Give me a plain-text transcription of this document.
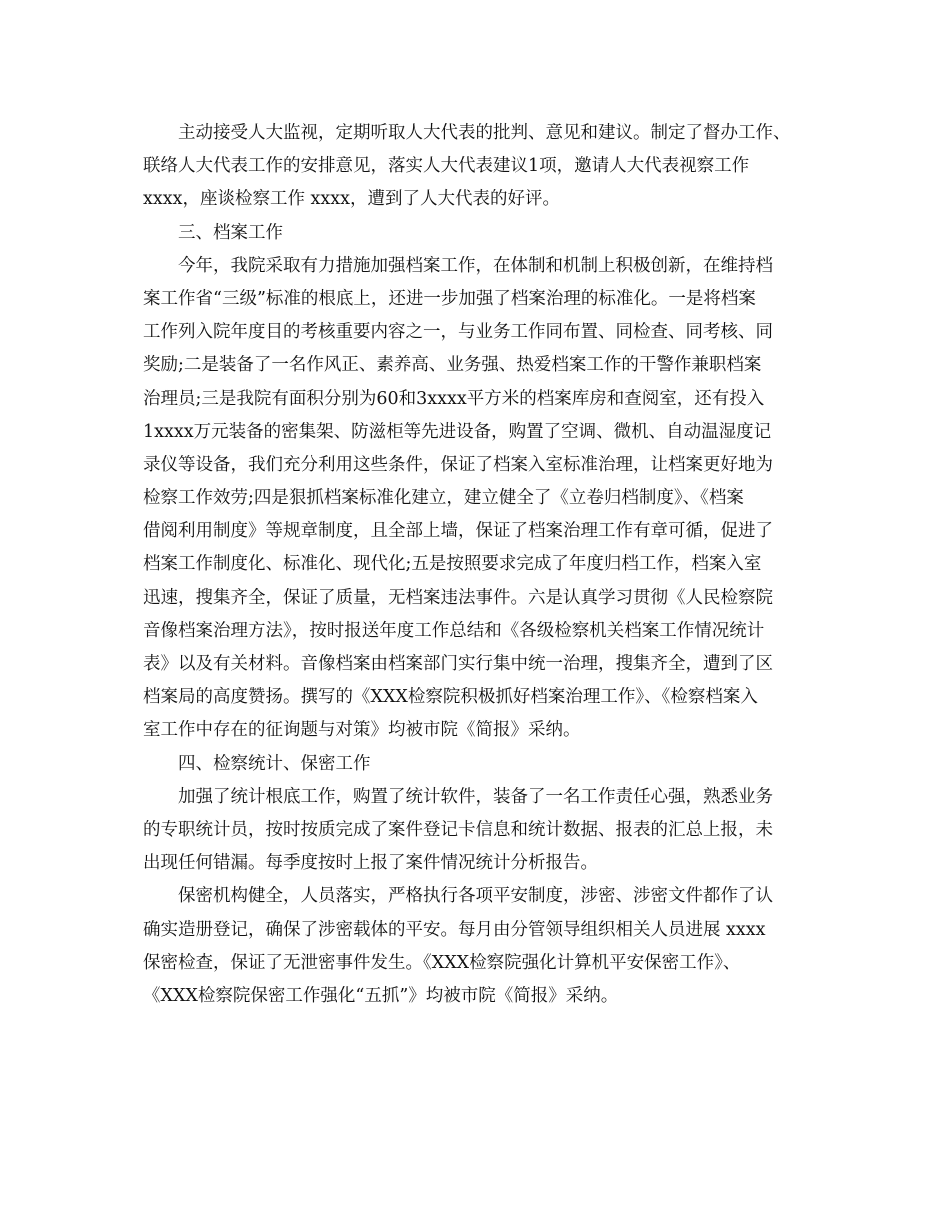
主动接受人大监视，定期听取人大代表的批判、意见和建议。制定了督办工作、
联络人大代表工作的安排意见，落实人大代表建议1项，邀请人大代表视察工作
xxxx，座谈检察工作 xxxx，遭到了人大代表的好评。
三、档案工作
今年，我院采取有力措施加强档案工作，在体制和机制上积极创新，在维持档
案工作省“三级”标准的根底上，还进一步加强了档案治理的标准化。一是将档案
工作列入院年度目的考核重要内容之一，与业务工作同布置、同检查、同考核、同
奖励;二是装备了一名作风正、素养高、业务强、热爱档案工作的干警作兼职档案
治理员;三是我院有面积分别为60和3xxxx平方米的档案库房和查阅室，还有投入
1xxxx万元装备的密集架、防滋柜等先进设备，购置了空调、微机、自动温湿度记
录仪等设备，我们充分利用这些条件，保证了档案入室标准治理，让档案更好地为
检察工作效劳;四是狠抓档案标准化建立，建立健全了《立卷归档制度》、《档案
借阅利用制度》等规章制度，且全部上墙，保证了档案治理工作有章可循，促进了
档案工作制度化、标准化、现代化;五是按照要求完成了年度归档工作，档案入室
迅速，搜集齐全，保证了质量，无档案违法事件。六是认真学习贯彻《人民检察院
音像档案治理方法》，按时报送年度工作总结和《各级检察机关档案工作情况统计
表》以及有关材料。音像档案由档案部门实行集中统一治理，搜集齐全，遭到了区
档案局的高度赞扬。撰写的《XXX检察院积极抓好档案治理工作》、《检察档案入
室工作中存在的征询题与对策》均被市院《简报》采纳。
四、检察统计、保密工作
加强了统计根底工作，购置了统计软件，装备了一名工作责任心强，熟悉业务
的专职统计员，按时按质完成了案件登记卡信息和统计数据、报表的汇总上报，未
出现任何错漏。每季度按时上报了案件情况统计分析报告。
保密机构健全，人员落实，严格执行各项平安制度，涉密、涉密文件都作了认
确实造册登记，确保了涉密载体的平安。每月由分管领导组织相关人员进展 xxxx
保密检查，保证了无泄密事件发生。《XXX检察院强化计算机平安保密工作》、
《XXX检察院保密工作强化“五抓”》均被市院《简报》采纳。
